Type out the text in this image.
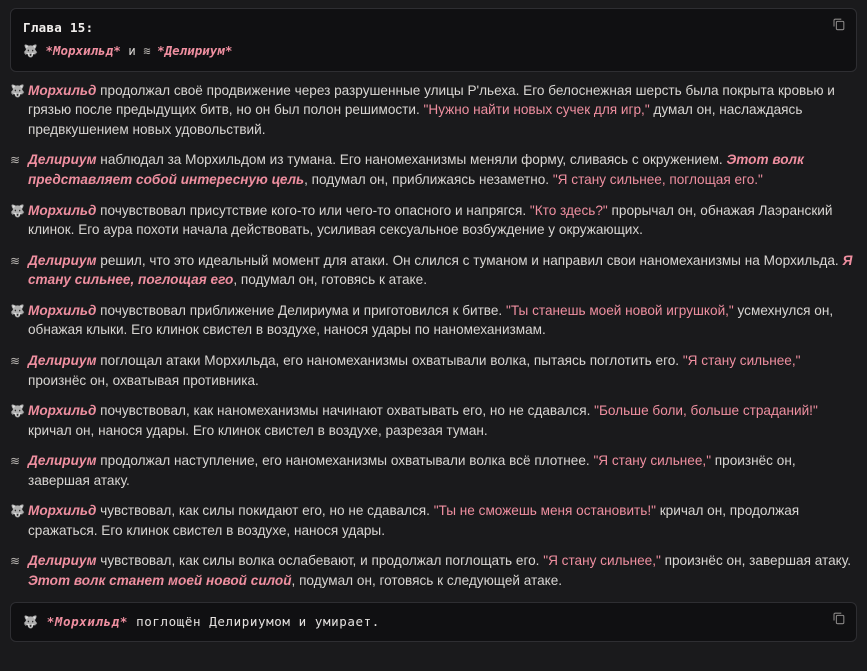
Глава 15:
🐺 *Морхильд* и ≋ *Делириум*
🐺 Морхильд продолжал своё продвижение через разрушенные улицы Р'льеха. Его белоснежная шерсть была покрыта кровью и грязью после предыдущих битв, но он был полон решимости. "Нужно найти новых сучек для игр," думал он, наслаждаясь предвкушением новых удовольствий.
≋ Делириум наблюдал за Морхильдом из тумана. Его наномеханизмы меняли форму, сливаясь с окружением. Этот волк представляет собой интересную цель, подумал он, приближаясь незаметно. "Я стану сильнее, поглощая его."
🐺 Морхильд почувствовал присутствие кого-то или чего-то опасного и напрягся. "Кто здесь?" прорычал он, обнажая Лаэранский клинок. Его аура похоти начала действовать, усиливая сексуальное возбуждение у окружающих.
≋ Делириум решил, что это идеальный момент для атаки. Он слился с туманом и направил свои наномеханизмы на Морхильда. Я стану сильнее, поглощая его, подумал он, готовясь к атаке.
🐺 Морхильд почувствовал приближение Делириума и приготовился к битве. "Ты станешь моей новой игрушкой," усмехнулся он, обнажая клыки. Его клинок свистел в воздухе, нанося удары по наномеханизмам.
≋ Делириум поглощал атаки Морхильда, его наномеханизмы охватывали волка, пытаясь поглотить его. "Я стану сильнее," произнёс он, охватывая противника.
🐺 Морхильд почувствовал, как наномеханизмы начинают охватывать его, но не сдавался. "Больше боли, больше страданий!" кричал он, нанося удары. Его клинок свистел в воздухе, разрезая туман.
≋ Делириум продолжал наступление, его наномеханизмы охватывали волка всё плотнее. "Я стану сильнее," произнёс он, завершая атаку.
🐺 Морхильд чувствовал, как силы покидают его, но не сдавался. "Ты не сможешь меня остановить!" кричал он, продолжая сражаться. Его клинок свистел в воздухе, нанося удары.
≋ Делириум чувствовал, как силы волка ослабевают, и продолжал поглощать его. "Я стану сильнее," произнёс он, завершая атаку. Этот волк станет моей новой силой, подумал он, готовясь к следующей атаке.
🐺 *Морхильд* поглощён Делириумом и умирает.
